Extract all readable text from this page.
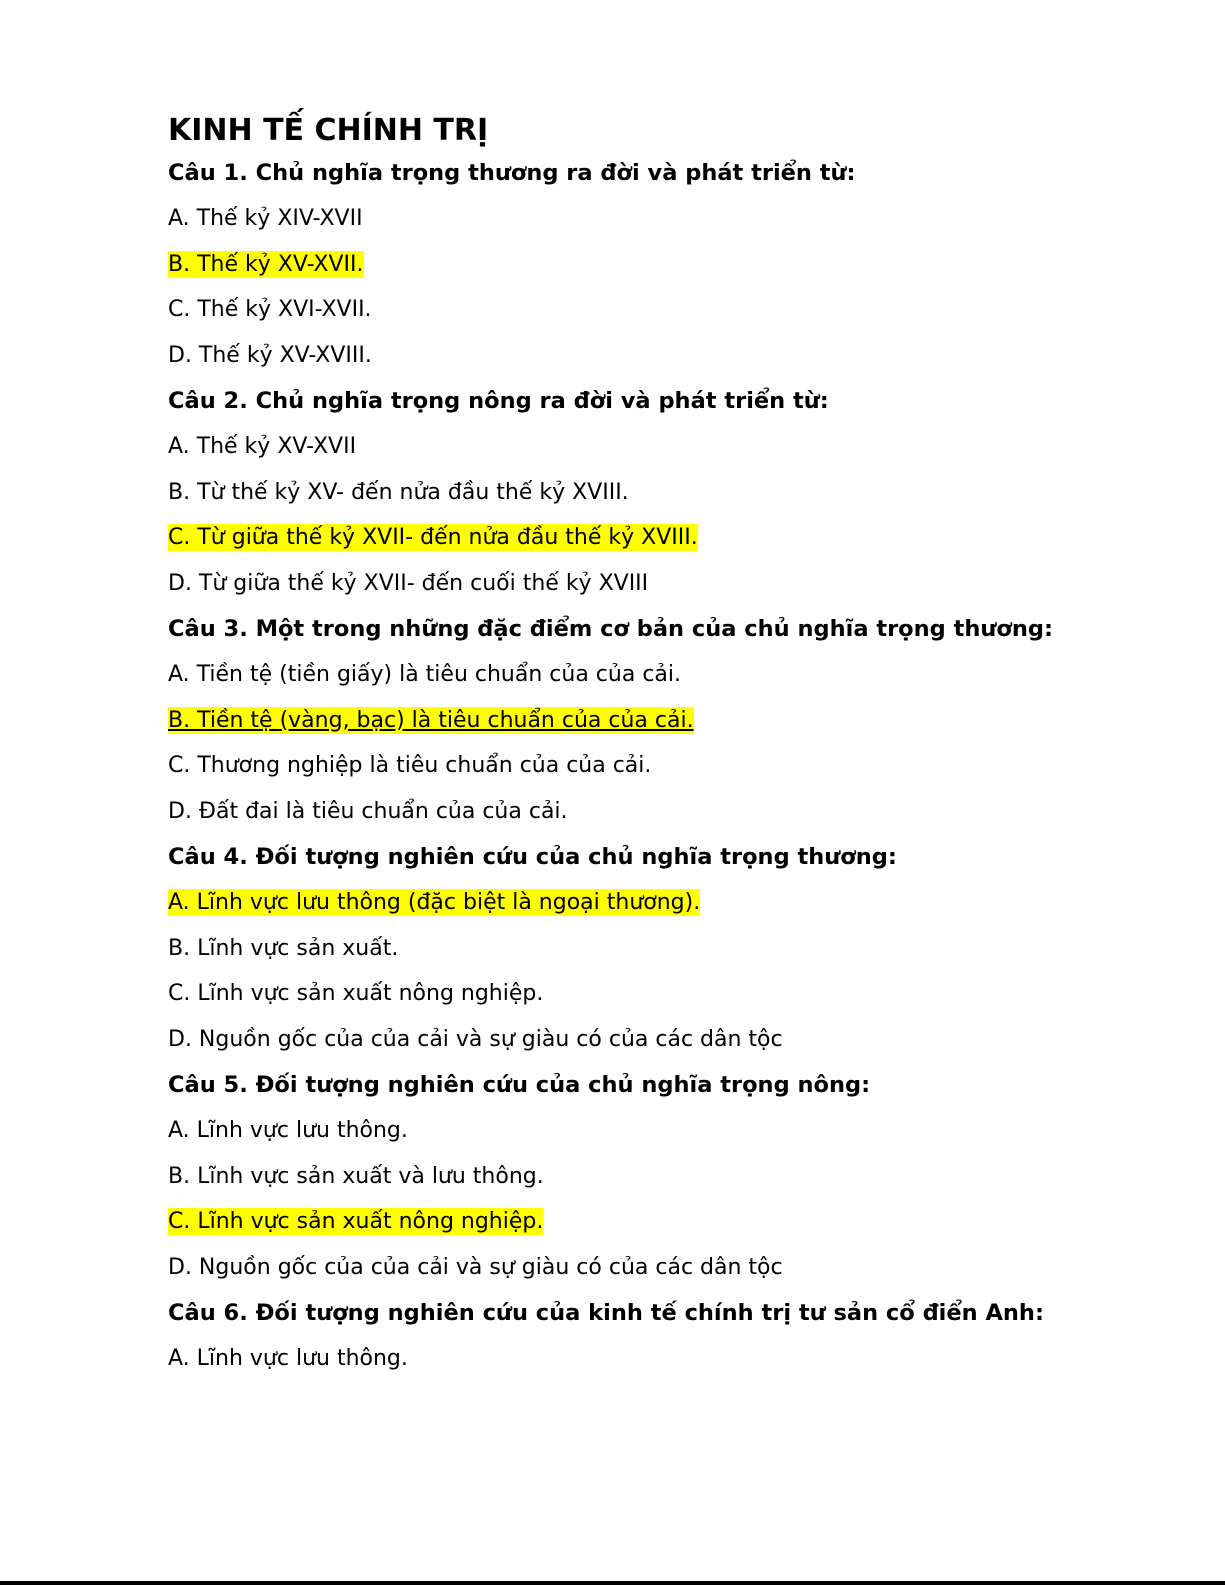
KINH TẾ CHÍNH TRỊ

Câu 1. Chủ nghĩa trọng thương ra đời và phát triển từ:

A. Thế kỷ XIV-XVII
B. Thế kỷ XV-XVII.
C. Thế kỷ XVI-XVII.
D. Thế kỷ XV-XVIII.

Câu 2. Chủ nghĩa trọng nông ra đời và phát triển từ:

A. Thế kỷ XV-XVII
B. Từ thế kỷ XV- đến nửa đầu thế kỷ XVIII.
C. Từ giữa thế kỷ XVII- đến nửa đầu thế kỷ XVIII.
D. Từ giữa thế kỷ XVII- đến cuối thế kỷ XVIII

Câu 3. Một trong những đặc điểm cơ bản của chủ nghĩa trọng thương:

A. Tiền tệ (tiền giấy) là tiêu chuẩn của của cải.
B. Tiền tệ (vàng, bạc) là tiêu chuẩn của của cải.
C. Thương nghiệp là tiêu chuẩn của của cải.
D. Đất đai là tiêu chuẩn của của cải.

Câu 4. Đối tượng nghiên cứu của chủ nghĩa trọng thương:

A. Lĩnh vực lưu thông (đặc biệt là ngoại thương).
B. Lĩnh vực sản xuất.
C. Lĩnh vực sản xuất nông nghiệp.
D. Nguồn gốc của của cải và sự giàu có của các dân tộc

Câu 5. Đối tượng nghiên cứu của chủ nghĩa trọng nông:

A. Lĩnh vực lưu thông.
B. Lĩnh vực sản xuất và lưu thông.
C. Lĩnh vực sản xuất nông nghiệp.
D. Nguồn gốc của của cải và sự giàu có của các dân tộc

Câu 6. Đối tượng nghiên cứu của kinh tế chính trị tư sản cổ điển Anh:

A. Lĩnh vực lưu thông.
